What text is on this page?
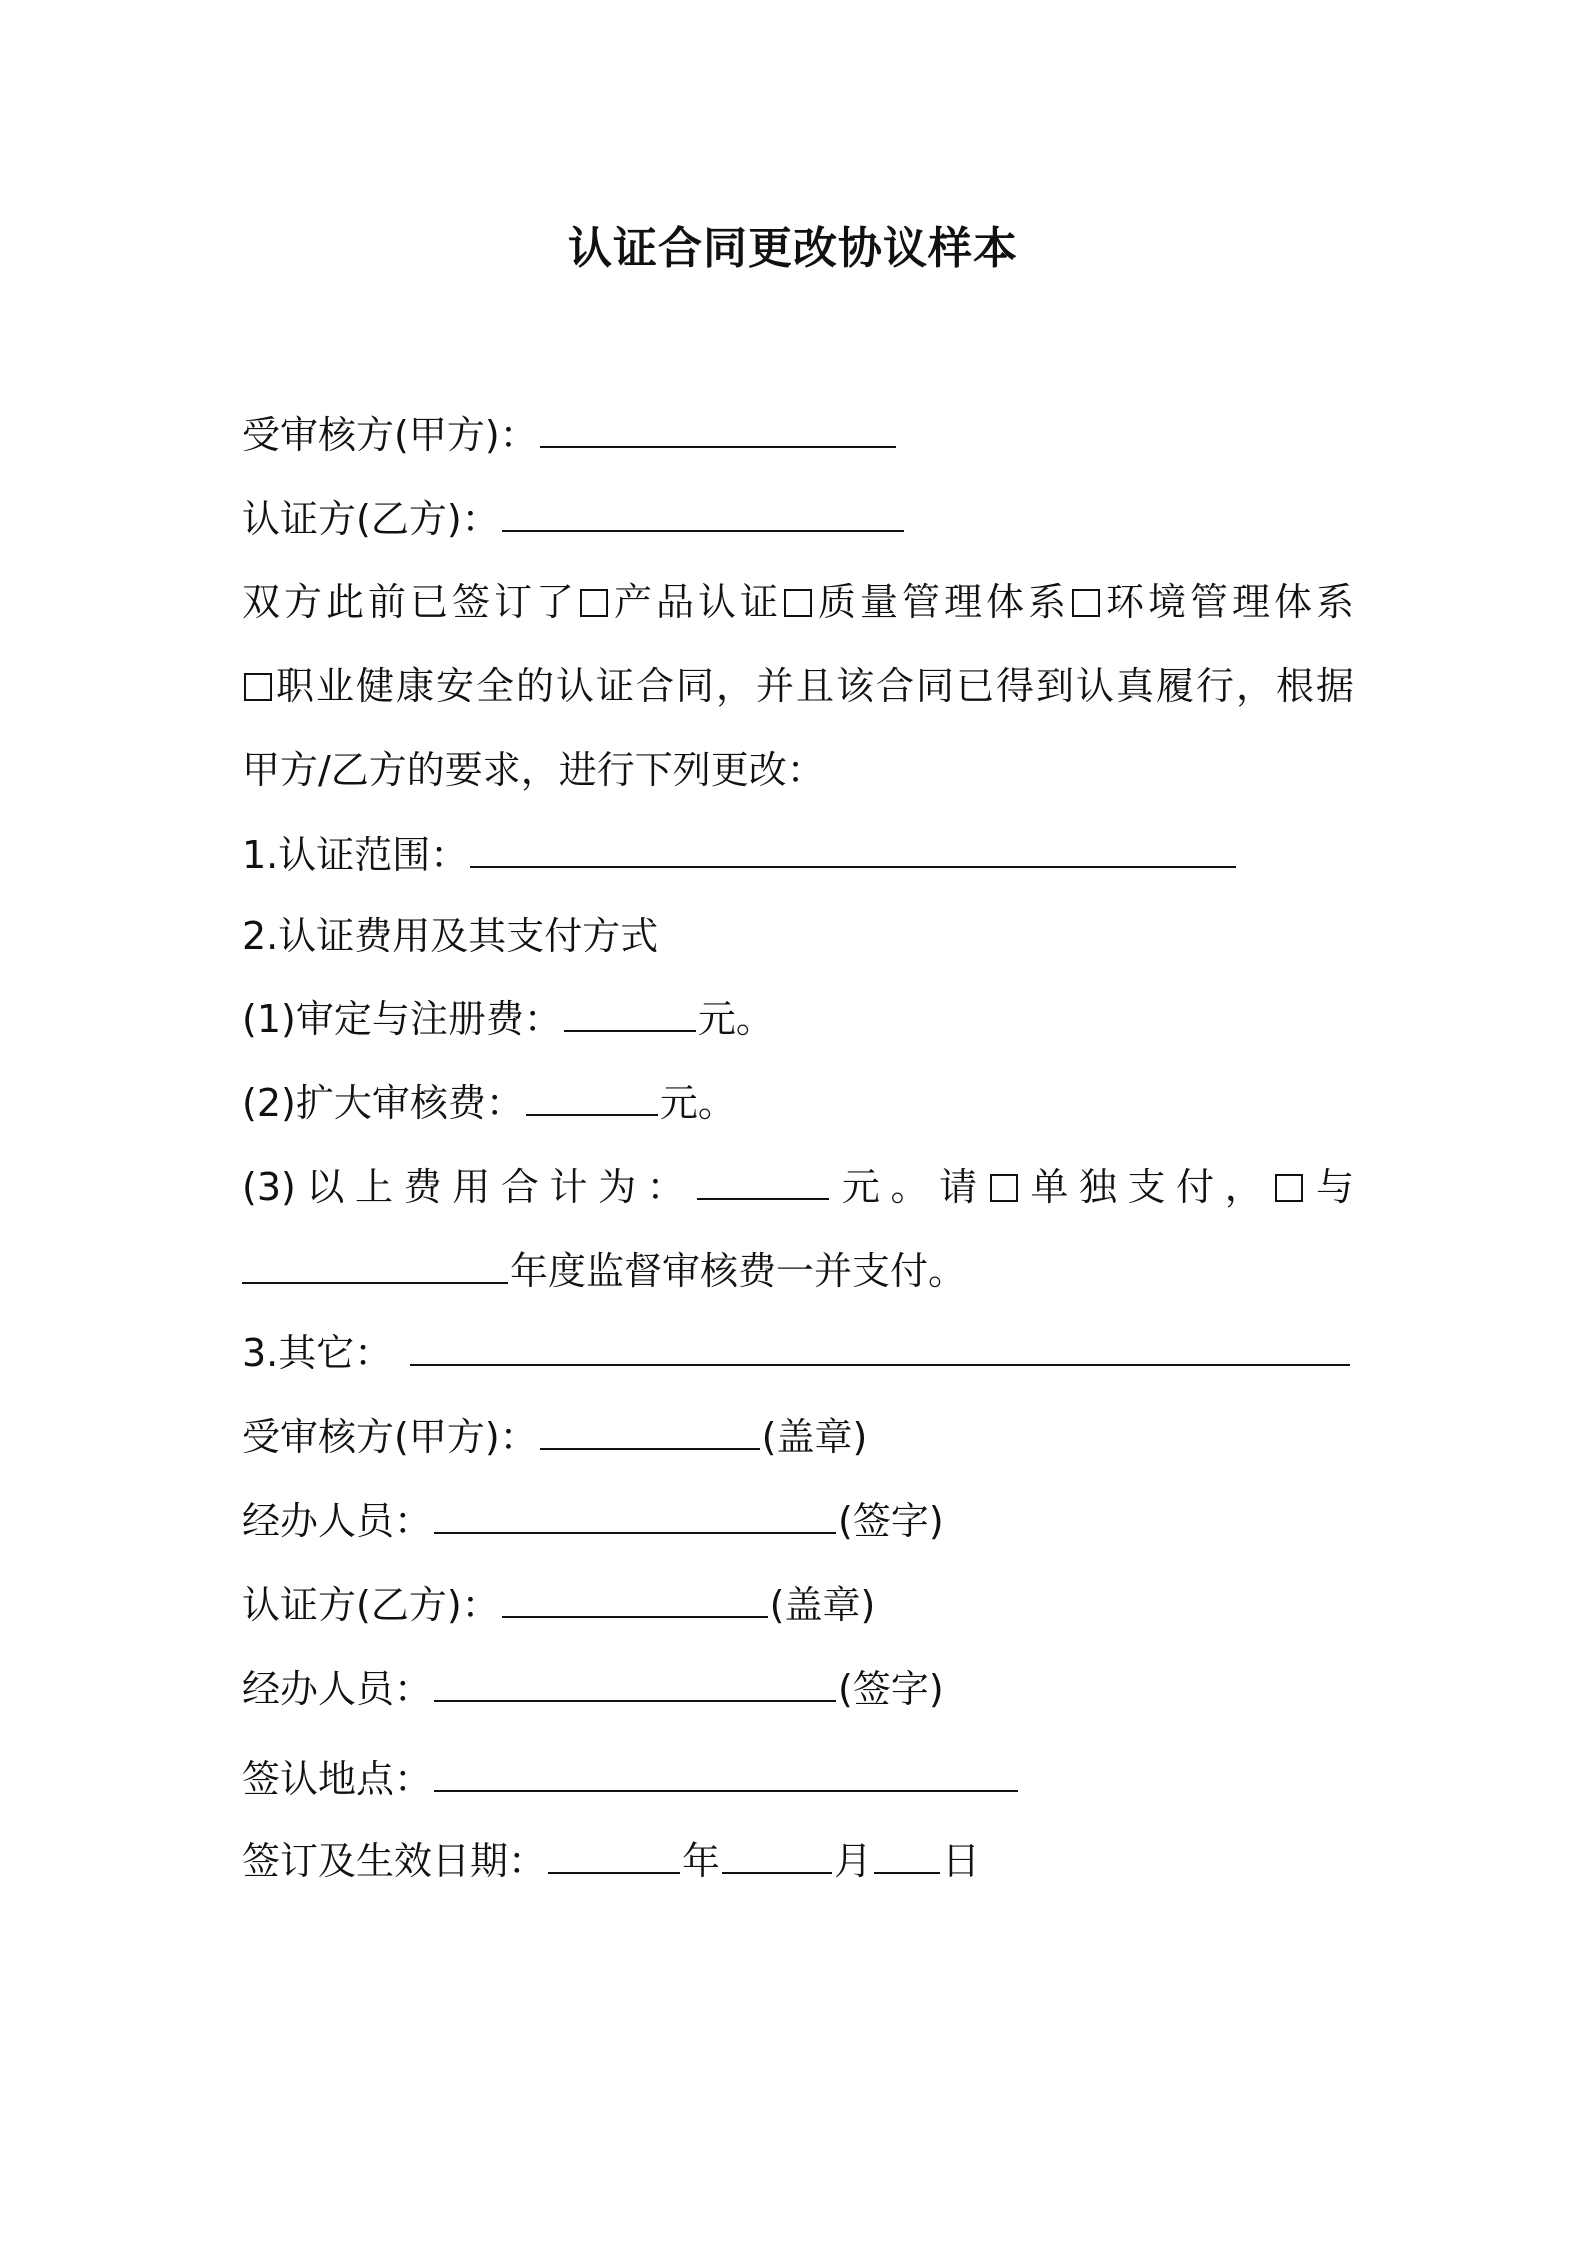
认证合同更改协议样本
受审核方(甲方)：
认证方(乙方)：
双方此前已签订了 产品认证 质量管理体系 环境管理体系
职业健康安全的认证合同，并且该合同已得到认真履行，根据
甲方/乙方的要求，进行下列更改：
1.认证范围：
2.认证费用及其支付方式
(1)审定与注册费：	元。
(2)扩大审核费：	元。
(3)以上费用合计为：	元。请 单独支付， 与
年度监督审核费一并支付。
3.其它：
受审核方(甲方)：	(盖章)
经办人员：	(签字)
认证方(乙方)：	(盖章)
经办人员：	(签字)
签认地点：
签订及生效日期：	年	月 日
